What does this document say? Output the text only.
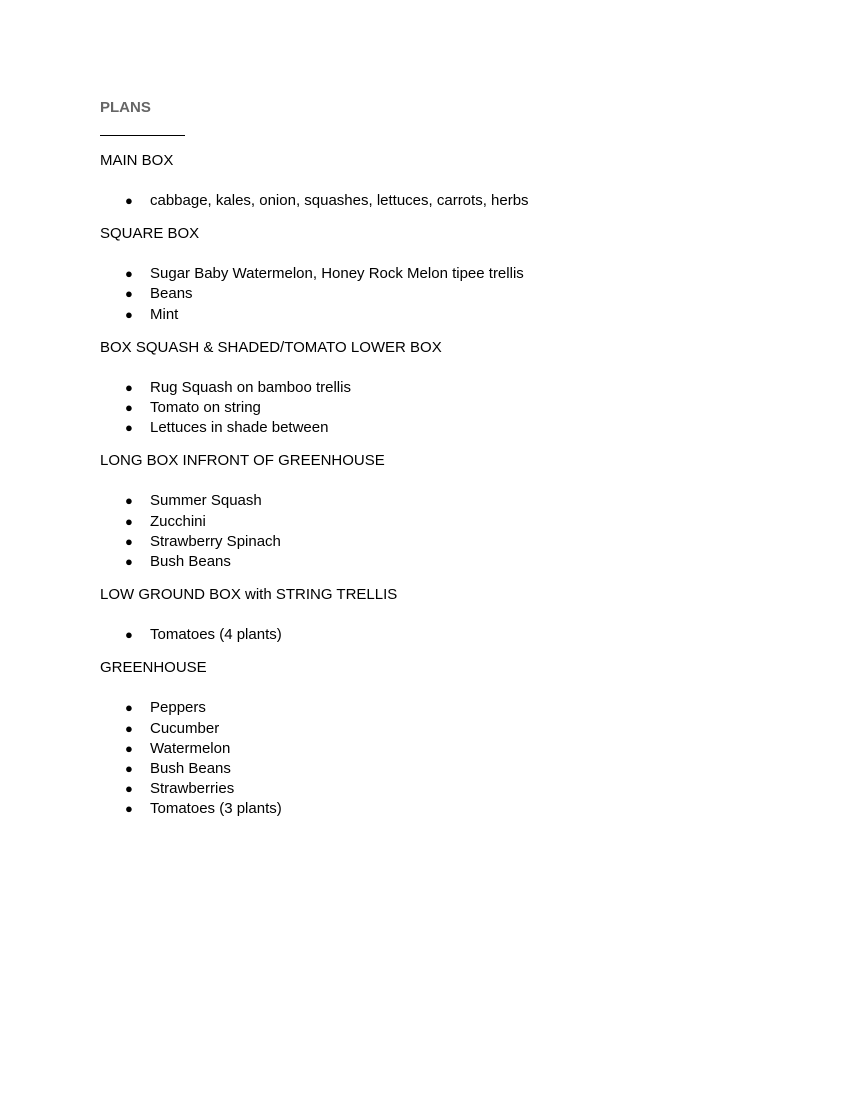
PLANS

MAIN BOX

● cabbage, kales, onion, squashes, lettuces, carrots, herbs

SQUARE BOX

● Sugar Baby Watermelon, Honey Rock Melon tipee trellis
● Beans
● Mint

BOX SQUASH & SHADED/TOMATO LOWER BOX

● Rug Squash on bamboo trellis
● Tomato on string
● Lettuces in shade between

LONG BOX INFRONT OF GREENHOUSE

● Summer Squash
● Zucchini
● Strawberry Spinach
● Bush Beans

LOW GROUND BOX with STRING TRELLIS

● Tomatoes (4 plants)

GREENHOUSE

● Peppers
● Cucumber
● Watermelon
● Bush Beans
● Strawberries
● Tomatoes (3 plants)
